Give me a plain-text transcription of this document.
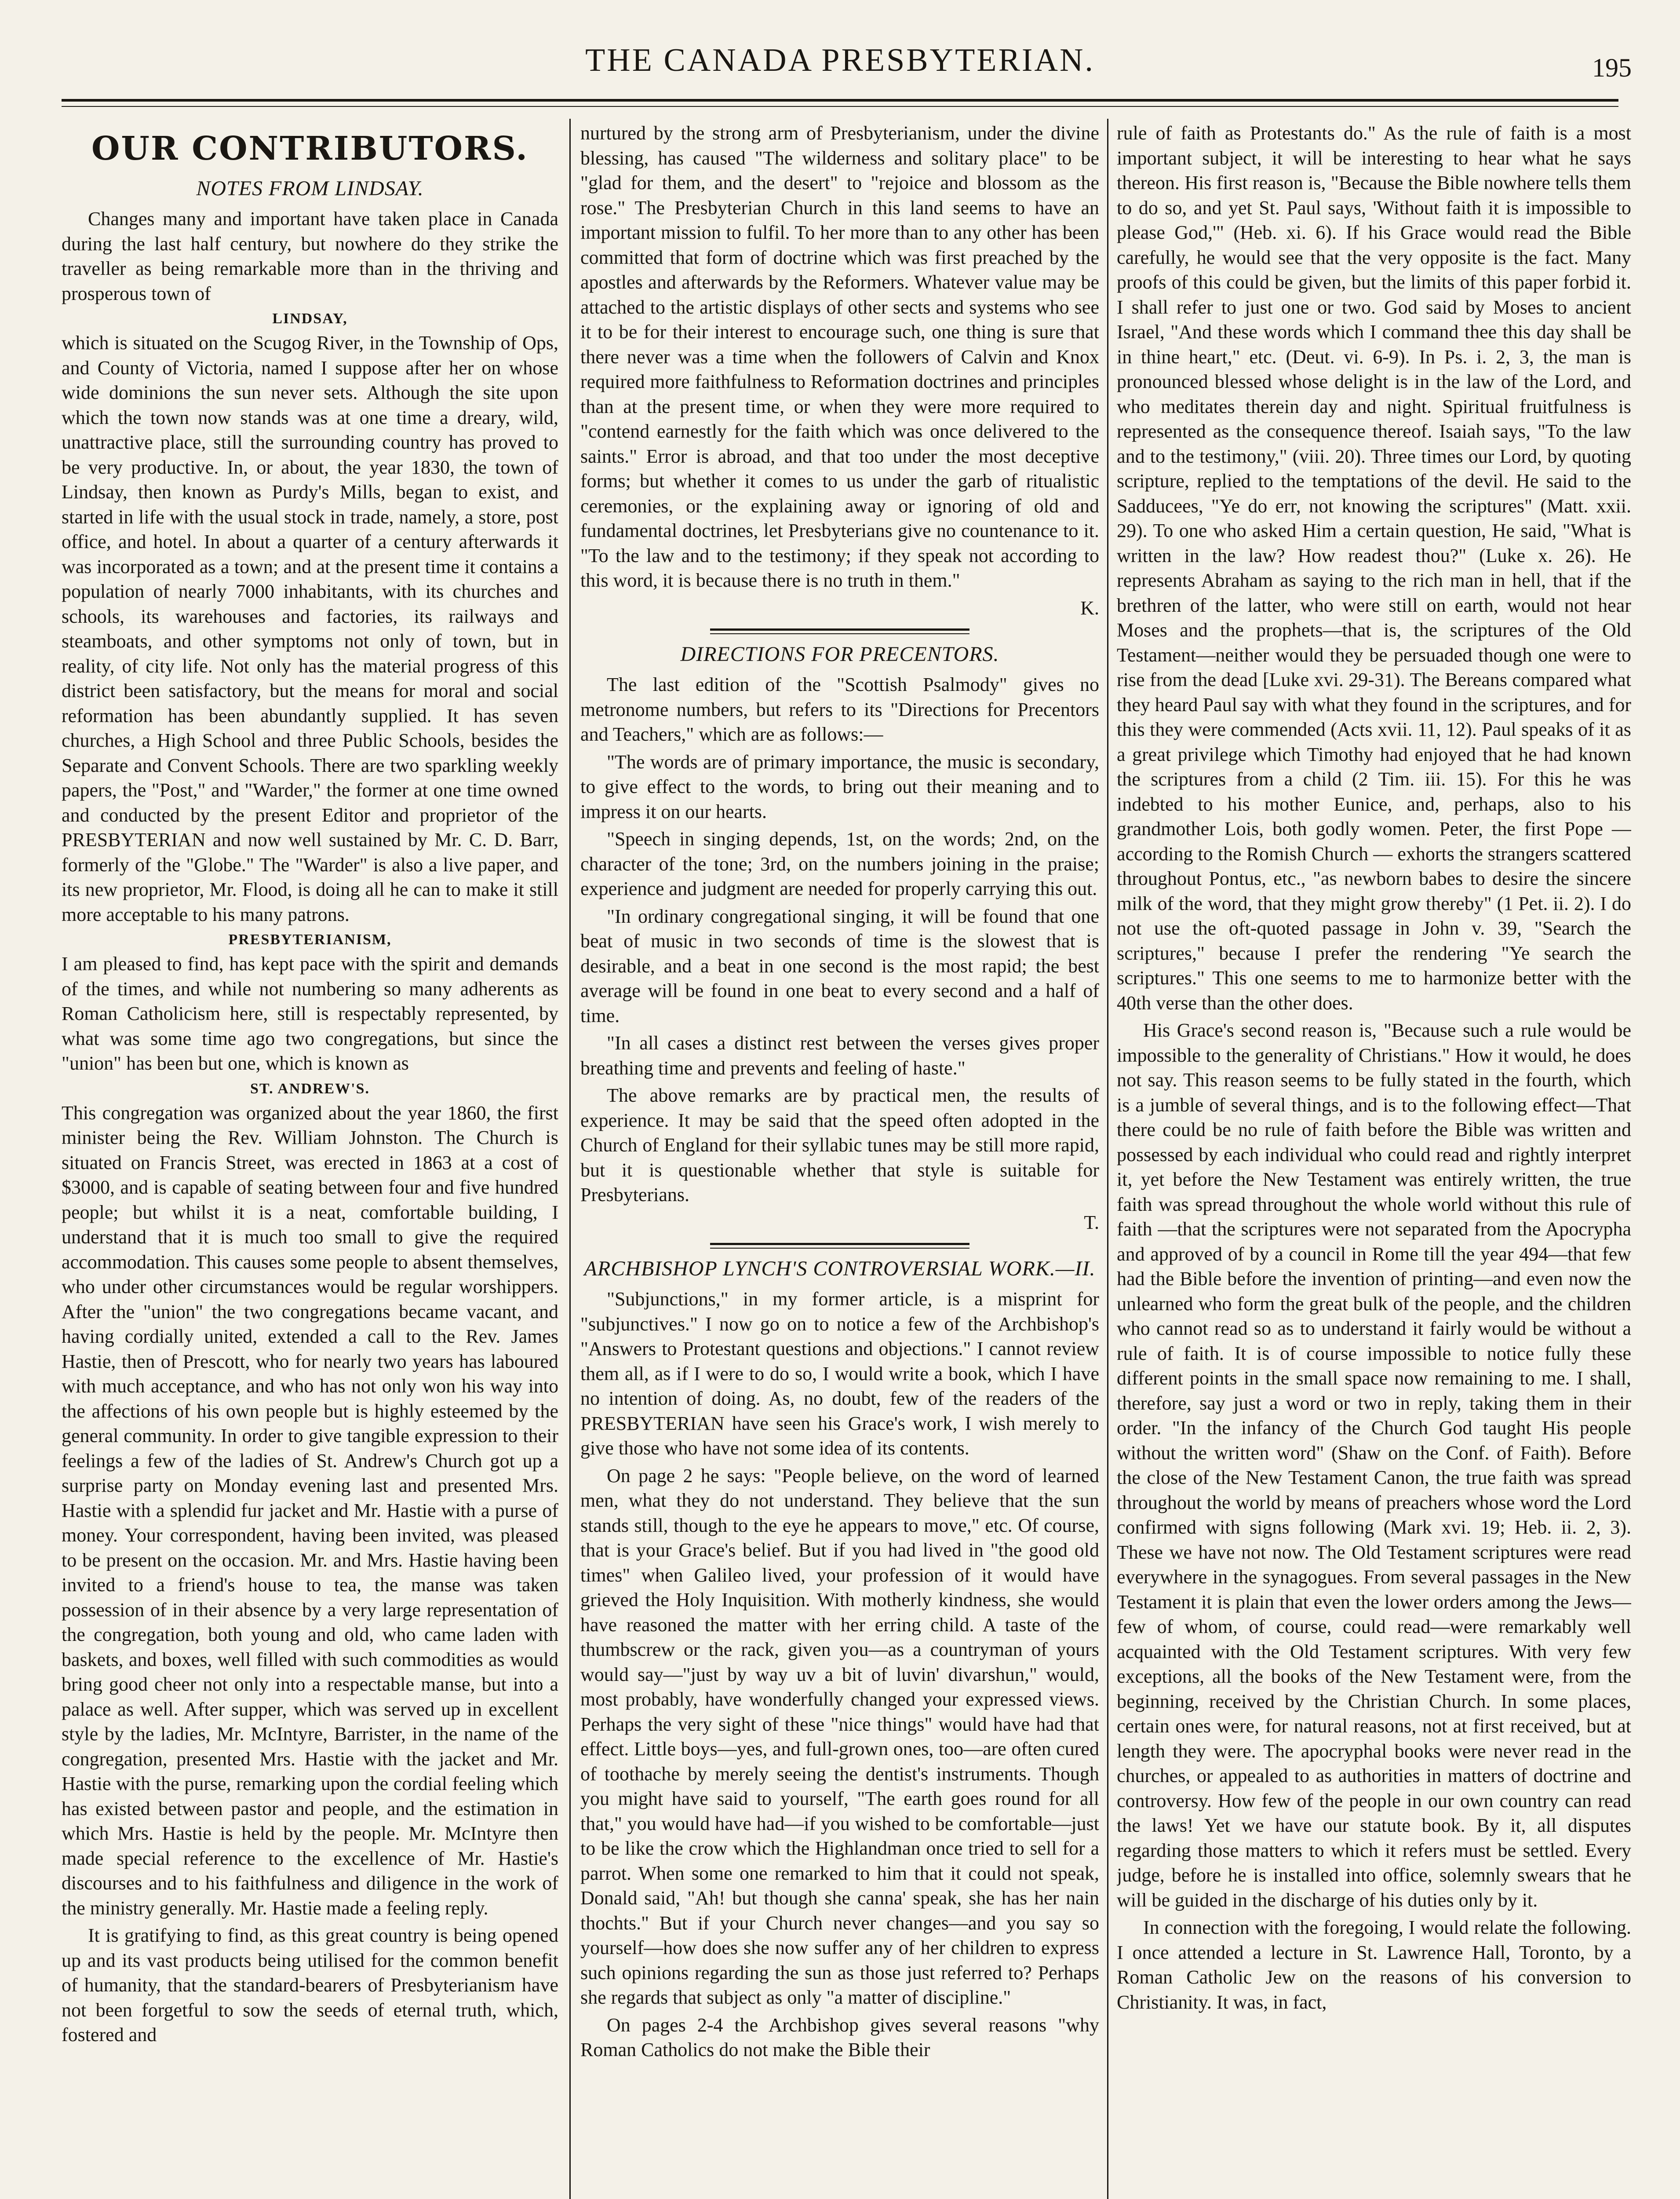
THE CANADA PRESBYTERIAN.	195
OUR CONTRIBUTORS.
NOTES FROM LINDSAY.

Changes many and important have taken place in Canada during the last half century, but nowhere do they strike the traveller as being remarkable more than in the thriving and prosperous town of

LINDSAY,

which is situated on the Scugog River, in the Township of Ops, and County of Victoria, named I suppose after her on whose wide dominions the sun never sets. Although the site upon which the town now stands was at one time a dreary, wild, unattractive place, still the surrounding country has proved to be very productive. In, or about, the year 1830, the town of Lindsay, then known as Purdy's Mills, began to exist, and started in life with the usual stock in trade, namely, a store, post office, and hotel. In about a quarter of a century afterwards it was incorporated as a town; and at the present time it contains a population of nearly 7000 inhabitants, with its churches and schools, its warehouses and factories, its railways and steamboats, and other symptoms not only of town, but in reality, of city life. Not only has the material progress of this district been satisfactory, but the means for moral and social reformation has been abundantly supplied. It has seven churches, a High School and three Public Schools, besides the Separate and Convent Schools. There are two sparkling weekly papers, the "Post," and "Warder," the former at one time owned and conducted by the present Editor and proprietor of the PRESBYTERIAN and now well sustained by Mr. C. D. Barr, formerly of the "Globe." The "Warder" is also a live paper, and its new proprietor, Mr. Flood, is doing all he can to make it still more acceptable to his many patrons.

PRESBYTERIANISM,

I am pleased to find, has kept pace with the spirit and demands of the times, and while not numbering so many adherents as Roman Catholicism here, still is respectably represented, by what was some time ago two congregations, but since the "union" has been but one, which is known as

ST. ANDREW'S.

This congregation was organized about the year 1860, the first minister being the Rev. William Johnston. The Church is situated on Francis Street, was erected in 1863 at a cost of $3000, and is capable of seating between four and five hundred people; but whilst it is a neat, comfortable building, I understand that it is much too small to give the required accommodation. This causes some people to absent themselves, who under other circumstances would be regular worshippers. After the "union" the two congregations became vacant, and having cordially united, extended a call to the Rev. James Hastie, then of Prescott, who for nearly two years has laboured with much acceptance, and who has not only won his way into the affections of his own people but is highly esteemed by the general community. In order to give tangible expression to their feelings a few of the ladies of St. Andrew's Church got up a surprise party on Monday evening last and presented Mrs. Hastie with a splendid fur jacket and Mr. Hastie with a purse of money. Your correspondent, having been invited, was pleased to be present on the occasion. Mr. and Mrs. Hastie having been invited to a friend's house to tea, the manse was taken possession of in their absence by a very large representation of the congregation, both young and old, who came laden with baskets, and boxes, well filled with such commodities as would bring good cheer not only into a respectable manse, but into a palace as well. After supper, which was served up in excellent style by the ladies, Mr. McIntyre, Barrister, in the name of the congregation, presented Mrs. Hastie with the jacket and Mr. Hastie with the purse, remarking upon the cordial feeling which has existed between pastor and people, and the estimation in which Mrs. Hastie is held by the people. Mr. McIntyre then made special reference to the excellence of Mr. Hastie's discourses and to his faithfulness and diligence in the work of the ministry generally. Mr. Hastie made a feeling reply.

It is gratifying to find, as this great country is being opened up and its vast products being utilised for the common benefit of humanity, that the standard-bearers of Presbyterianism have not been forgetful to sow the seeds of eternal truth, which, fostered and

nurtured by the strong arm of Presbyterianism, under the divine blessing, has caused "The wilderness and solitary place" to be "glad for them, and the desert" to "rejoice and blossom as the rose." The Presbyterian Church in this land seems to have an important mission to fulfil. To her more than to any other has been committed that form of doctrine which was first preached by the apostles and afterwards by the Reformers. Whatever value may be attached to the artistic displays of other sects and systems who see it to be for their interest to encourage such, one thing is sure that there never was a time when the followers of Calvin and Knox required more faithfulness to Reformation doctrines and principles than at the present time, or when they were more required to "contend earnestly for the faith which was once delivered to the saints." Error is abroad, and that too under the most deceptive forms; but whether it comes to us under the garb of ritualistic ceremonies, or the explaining away or ignoring of old and fundamental doctrines, let Presbyterians give no countenance to it. "To the law and to the testimony; if they speak not according to this word, it is because there is no truth in them."

K.

DIRECTIONS FOR PRECENTORS.

The last edition of the "Scottish Psalmody" gives no metronome numbers, but refers to its "Directions for Precentors and Teachers," which are as follows:—

"The words are of primary importance, the music is secondary, to give effect to the words, to bring out their meaning and to impress it on our hearts.

"Speech in singing depends, 1st, on the words; 2nd, on the character of the tone; 3rd, on the numbers joining in the praise; experience and judgment are needed for properly carrying this out.

"In ordinary congregational singing, it will be found that one beat of music in two seconds of time is the slowest that is desirable, and a beat in one second is the most rapid; the best average will be found in one beat to every second and a half of time.

"In all cases a distinct rest between the verses gives proper breathing time and prevents and feeling of haste."

The above remarks are by practical men, the results of experience. It may be said that the speed often adopted in the Church of England for their syllabic tunes may be still more rapid, but it is questionable whether that style is suitable for Presbyterians.

T.

ARCHBISHOP LYNCH'S CONTROVERSIAL WORK.—II.

"Subjunctions," in my former article, is a misprint for "subjunctives." I now go on to notice a few of the Archbishop's "Answers to Protestant questions and objections." I cannot review them all, as if I were to do so, I would write a book, which I have no intention of doing. As, no doubt, few of the readers of the PRESBYTERIAN have seen his Grace's work, I wish merely to give those who have not some idea of its contents.

On page 2 he says: "People believe, on the word of learned men, what they do not understand. They believe that the sun stands still, though to the eye he appears to move," etc. Of course, that is your Grace's belief. But if you had lived in "the good old times" when Galileo lived, your profession of it would have grieved the Holy Inquisition. With motherly kindness, she would have reasoned the matter with her erring child. A taste of the thumbscrew or the rack, given you—as a countryman of yours would say—"just by way uv a bit of luvin' divarshun," would, most probably, have wonderfully changed your expressed views. Perhaps the very sight of these "nice things" would have had that effect. Little boys—yes, and full-grown ones, too—are often cured of toothache by merely seeing the dentist's instruments. Though you might have said to yourself, "The earth goes round for all that," you would have had—if you wished to be comfortable—just to be like the crow which the Highlandman once tried to sell for a parrot. When some one remarked to him that it could not speak, Donald said, "Ah! but though she canna' speak, she has her nain thochts." But if your Church never changes—and you say so yourself—how does she now suffer any of her children to express such opinions regarding the sun as those just referred to? Perhaps she regards that subject as only "a matter of discipline."

On pages 2-4 the Archbishop gives several reasons "why Roman Catholics do not make the Bible their

rule of faith as Protestants do." As the rule of faith is a most important subject, it will be interesting to hear what he says thereon. His first reason is, "Because the Bible nowhere tells them to do so, and yet St. Paul says, 'Without faith it is impossible to please God,'" (Heb. xi. 6). If his Grace would read the Bible carefully, he would see that the very opposite is the fact. Many proofs of this could be given, but the limits of this paper forbid it. I shall refer to just one or two. God said by Moses to ancient Israel, "And these words which I command thee this day shall be in thine heart," etc. (Deut. vi. 6-9). In Ps. i. 2, 3, the man is pronounced blessed whose delight is in the law of the Lord, and who meditates therein day and night. Spiritual fruitfulness is represented as the consequence thereof. Isaiah says, "To the law and to the testimony," (viii. 20). Three times our Lord, by quoting scripture, replied to the temptations of the devil. He said to the Sadducees, "Ye do err, not knowing the scriptures" (Matt. xxii. 29). To one who asked Him a certain question, He said, "What is written in the law? How readest thou?" (Luke x. 26). He represents Abraham as saying to the rich man in hell, that if the brethren of the latter, who were still on earth, would not hear Moses and the prophets—that is, the scriptures of the Old Testament—neither would they be persuaded though one were to rise from the dead [Luke xvi. 29-31). The Bereans compared what they heard Paul say with what they found in the scriptures, and for this they were commended (Acts xvii. 11, 12). Paul speaks of it as a great privilege which Timothy had enjoyed that he had known the scriptures from a child (2 Tim. iii. 15). For this he was indebted to his mother Eunice, and, perhaps, also to his grandmother Lois, both godly women. Peter, the first Pope — according to the Romish Church — exhorts the strangers scattered throughout Pontus, etc., "as newborn babes to desire the sincere milk of the word, that they might grow thereby" (1 Pet. ii. 2). I do not use the oft-quoted passage in John v. 39, "Search the scriptures," because I prefer the rendering "Ye search the scriptures." This one seems to me to harmonize better with the 40th verse than the other does.

His Grace's second reason is, "Because such a rule would be impossible to the generality of Christians." How it would, he does not say. This reason seems to be fully stated in the fourth, which is a jumble of several things, and is to the following effect—That there could be no rule of faith before the Bible was written and possessed by each individual who could read and rightly interpret it, yet before the New Testament was entirely written, the true faith was spread throughout the whole world without this rule of faith —that the scriptures were not separated from the Apocrypha and approved of by a council in Rome till the year 494—that few had the Bible before the invention of printing—and even now the unlearned who form the great bulk of the people, and the children who cannot read so as to understand it fairly would be without a rule of faith. It is of course impossible to notice fully these different points in the small space now remaining to me. I shall, therefore, say just a word or two in reply, taking them in their order. "In the infancy of the Church God taught His people without the written word" (Shaw on the Conf. of Faith). Before the close of the New Testament Canon, the true faith was spread throughout the world by means of preachers whose word the Lord confirmed with signs following (Mark xvi. 19; Heb. ii. 2, 3). These we have not now. The Old Testament scriptures were read everywhere in the synagogues. From several passages in the New Testament it is plain that even the lower orders among the Jews—few of whom, of course, could read—were remarkably well acquainted with the Old Testament scriptures. With very few exceptions, all the books of the New Testament were, from the beginning, received by the Christian Church. In some places, certain ones were, for natural reasons, not at first received, but at length they were. The apocryphal books were never read in the churches, or appealed to as authorities in matters of doctrine and controversy. How few of the people in our own country can read the laws! Yet we have our statute book. By it, all disputes regarding those matters to which it refers must be settled. Every judge, before he is installed into office, solemnly swears that he will be guided in the discharge of his duties only by it.

In connection with the foregoing, I would relate the following. I once attended a lecture in St. Lawrence Hall, Toronto, by a Roman Catholic Jew on the reasons of his conversion to Christianity. It was, in fact,
